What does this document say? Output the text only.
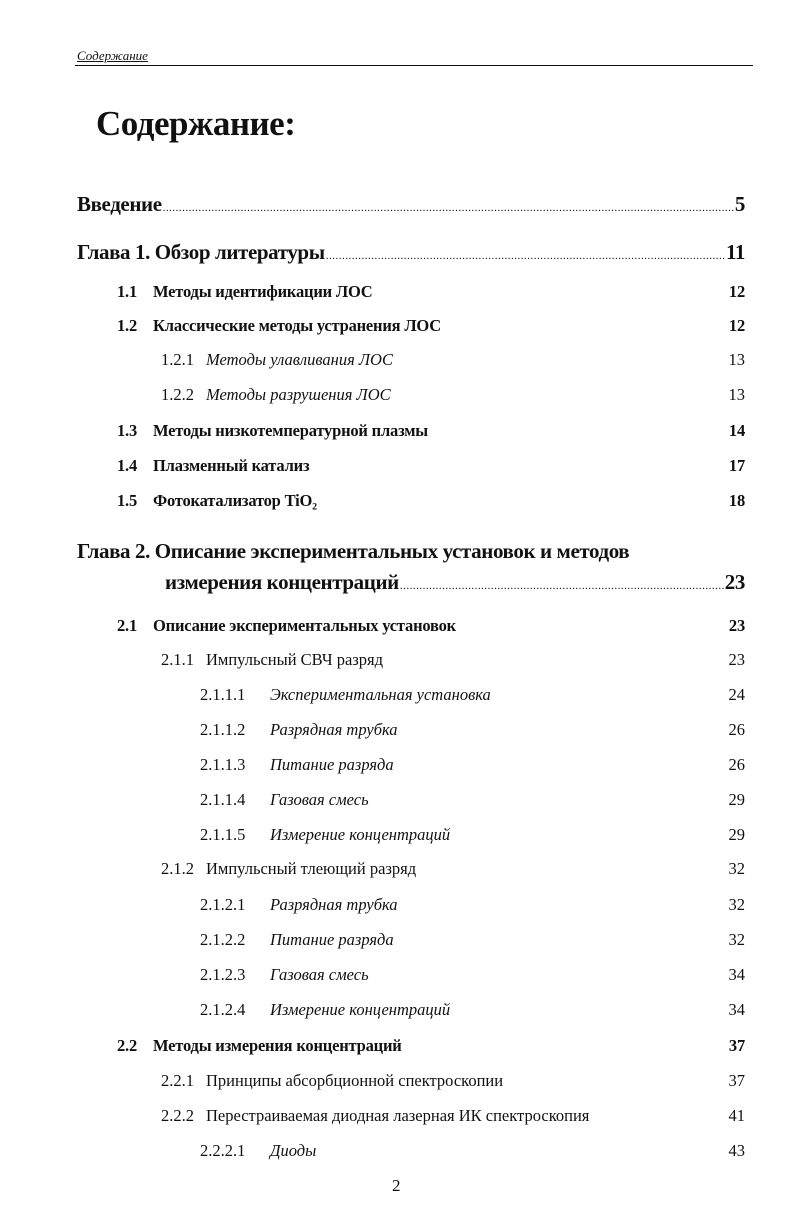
Содержание
Содержание:
Введение .....	5
Глава 1. Обзор литературы .....	11
1.1 Методы идентификации ЛОС .....	12
1.2 Классические методы устранения ЛОС .....	12
1.2.1 Методы улавливания ЛОС .....	13
1.2.2 Методы разрушения ЛОС .....	13
1.3 Методы низкотемпературной плазмы .....	14
1.4 Плазменный катализ .....	17
1.5 Фотокатализатор TiO₂ .....	18
Глава 2. Описание экспериментальных установок и методов
измерения концентраций .....	23
2.1 Описание экспериментальных установок .....	23
2.1.1 Импульсный СВЧ разряд .....	23
2.1.1.1	Экспериментальная установка .....	24
2.1.1.2	Разрядная трубка .....	26
2.1.1.3	Питание разряда .....	26
2.1.1.4	Газовая смесь .....	29
2.1.1.5	Измерение концентраций .....	29
2.1.2 Импульсный тлеющий разряд .....	32
2.1.2.1	Разрядная трубка .....	32
2.1.2.2	Питание разряда .....	32
2.1.2.3	Газовая смесь .....	34
2.1.2.4	Измерение концентраций .....	34
2.2 Методы измерения концентраций .....	37
2.2.1 Принципы абсорбционной спектроскопии .....	37
2.2.2 Перестраиваемая диодная лазерная ИК спектроскопия .....	41
2.2.2.1	Диоды .....	43
2
